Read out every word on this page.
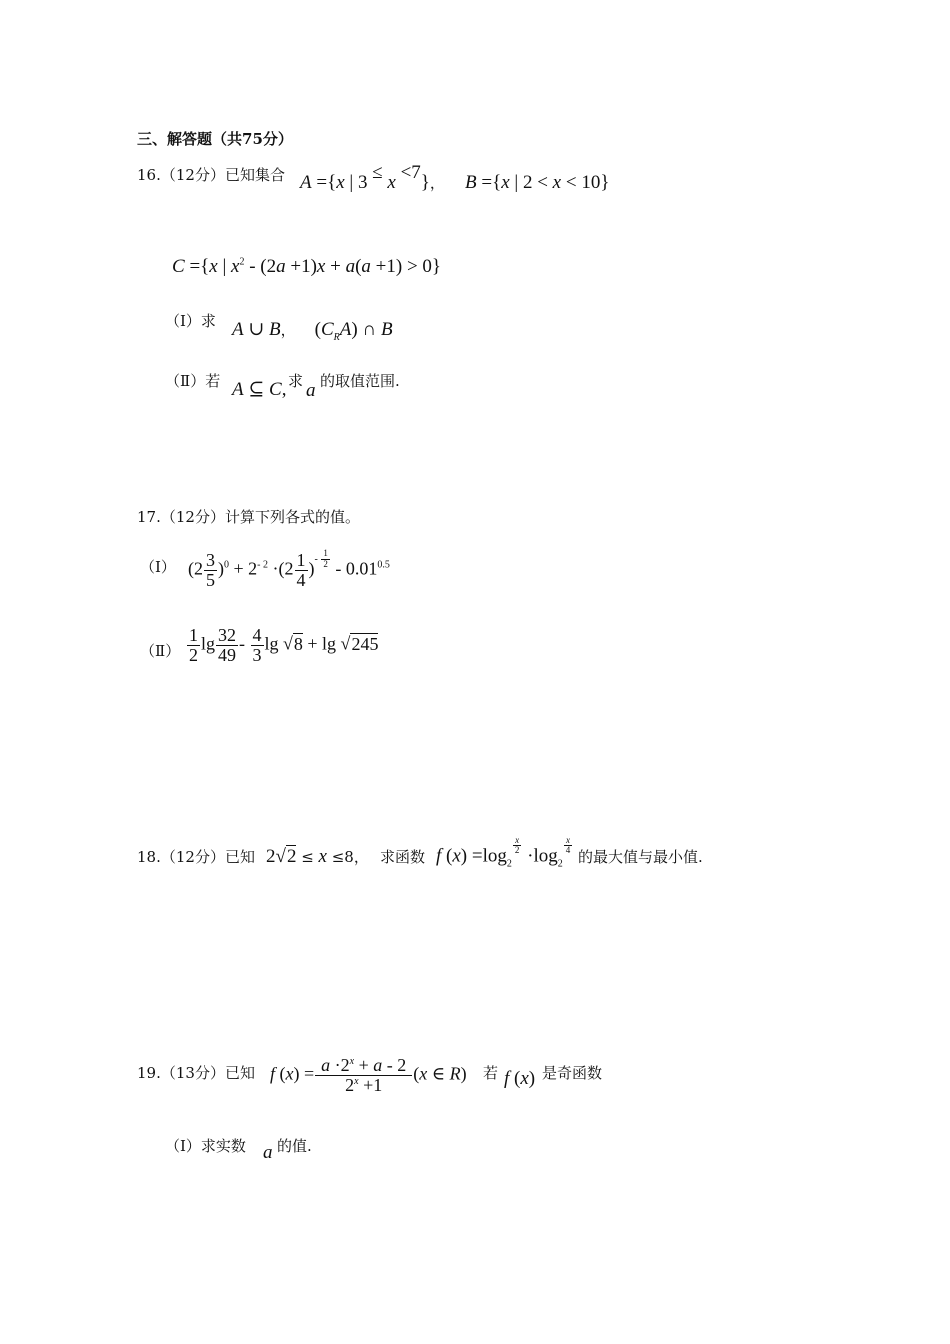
三、解答题（共75分）
16.（12分）已知集合 A ={x | 3 ≤ x <7}， B ={x | 2 < x < 10}
C ={x | $x^2 - (2a +1)x + a(a +1) > 0$}
（Ⅰ）求 A ∪ B，    $(C_RA)$ ∩ B
（Ⅱ）若 A ⊆ C, 求 a 的取值范围.
17.（12分）计算下列各式的值。
（Ⅰ） $(2 \frac{3}{5} )^0 + 2^{- 2} \cdot(2 \frac{1}{4} )^{- \frac{1}{2}} - 0.01^{0.5}$
（Ⅱ） $\frac{1}{2}$ $\lg \frac{32}{49} - \frac{4}{3}$ lg √8 + lg √245
18.（12分）已知 2√2 ≤ x ≤8， 求函数 f $(x) =\log_2$
$^{\frac{x}{2}} \cdot\log_2$
$^{\frac{x}{4}}$
的最大值与最小值.
19.（13分）已知 f $(x) = \frac{a \cdot 2^x + a - 2}{2^x +1} (x$ ∈ R) 若 f (x) 是奇函数
（Ⅰ）求实数 a 的值.
